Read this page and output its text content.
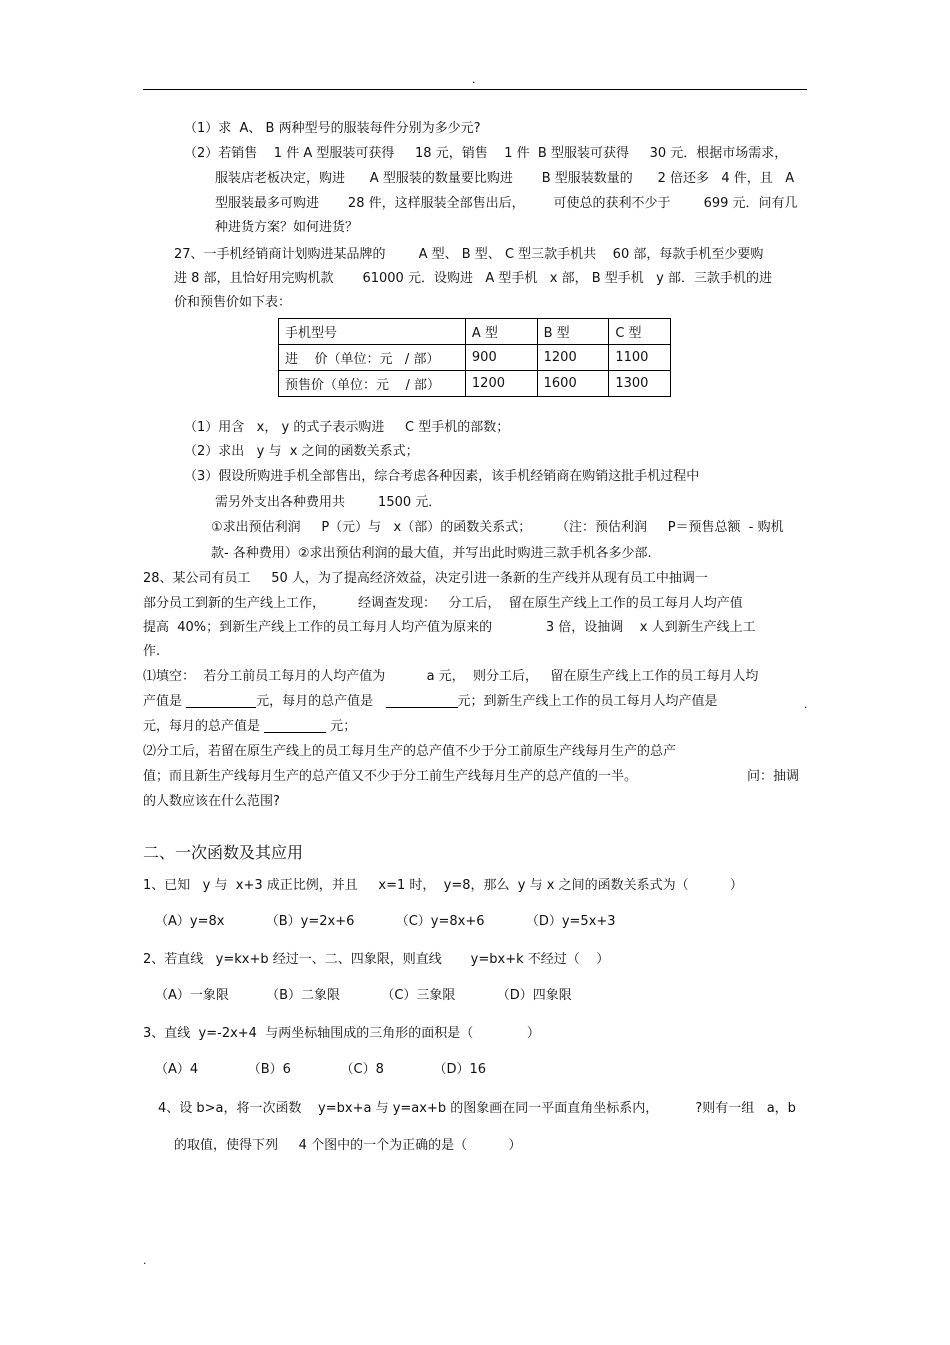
.
（1）求  A、 B 两种型号的服装每件分别为多少元?
（2）若销售    1 件 A 型服装可获得     18 元，销售    1 件  B 型服装可获得     30 元．根据市场需求，
服装店老板决定，购进      A 型服装的数量要比购进       B 型服装数量的      2 倍还多   4 件，且   A
型服装最多可购进       28 件，这样服装全部售出后，       可使总的获利不少于        699 元．问有几
种进货方案？如何进货？
27、一手机经销商计划购进某品牌的        A 型、 B 型、 C 型三款手机共    60 部，每款手机至少要购
进 8 部，且恰好用完购机款       61000 元．设购进   A 型手机   x 部， B 型手机   y 部．三款手机的进
价和预售价如下表：
手机型号	A 型	B 型	C 型
进    价（单位：元   / 部）	900	1200	1100
预售价（单位：元    / 部）	1200	1600	1300
（1）用含   x， y 的式子表示购进     C 型手机的部数；
（2）求出   y 与  x 之间的函数关系式；
（3）假设所购进手机全部售出，综合考虑各种因素，该手机经销商在购销这批手机过程中
需另外支出各种费用共        1500 元．
①求出预估利润     P（元）与   x（部）的函数关系式；      （注：预估利润     P＝预售总额  - 购机
款- 各种费用）②求出预估利润的最大值，并写出此时购进三款手机各多少部.
28、某公司有员工     50 人，为了提高经济效益，决定引进一条新的生产线并从现有员工中抽调一
部分员工到新的生产线上工作，        经调查发现：   分工后，  留在原生产线上工作的员工每月人均产值
提高  40%；到新生产线上工作的员工每月人均产值为原来的             3 倍，设抽调    x 人到新生产线上工
作.
⑴填空：  若分工前员工每月的人均产值为          a 元，  则分工后，   留在原生产线上工作的员工每月人均
产值是	元，每月的总产值是	元；到新生产线上工作的员工每月人均产值是	.
元，每月的总产值是	元；
⑵分工后，若留在原生产线上的员工每月生产的总产值不少于分工前原生产线每月生产的总产
值；而且新生产线每月生产的总产值又不少于分工前生产线每月生产的总产值的一半。	问：抽调
的人数应该在什么范围?
二、一次函数及其应用
1、已知   y 与  x+3 成正比例，并且     x=1 时，  y=8，那么  y 与 x 之间的函数关系式为（          ）
（A）y=8x          （B）y=2x+6          （C）y=8x+6          （D）y=5x+3
2、若直线   y=kx+b 经过一、二、四象限，则直线       y=bx+k 不经过（    ）
（A）一象限         （B）二象限          （C）三象限          （D）四象限
3、直线  y=-2x+4  与两坐标轴围成的三角形的面积是（             ）
（A）4            （B）6            （C）8            （D）16
4、设 b>a，将一次函数    y=bx+a 与 y=ax+b 的图象画在同一平面直角坐标系内，         ?则有一组   a，b
的取值，使得下列     4 个图中的一个为正确的是（          ）
.
